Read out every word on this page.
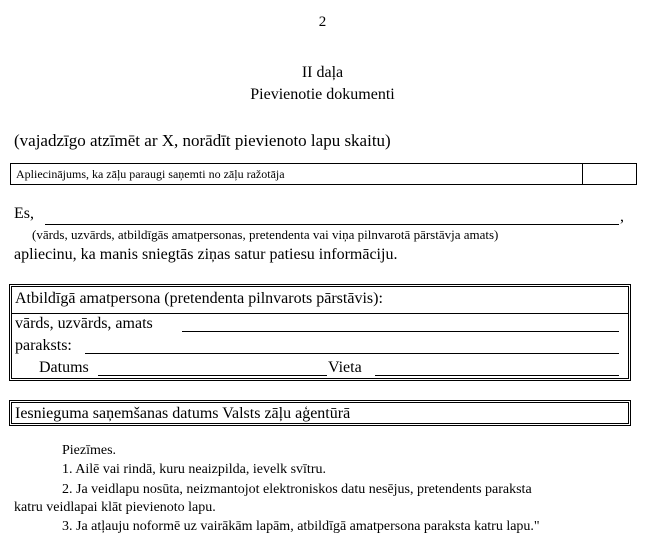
2
II daļa
Pievienotie dokumenti
(vajadzīgo atzīmēt ar X, norādīt pievienoto lapu skaitu)
Apliecinājums, ka zāļu paraugi saņemti no zāļu ražotāja
Es,	,
(vārds, uzvārds, atbildīgās amatpersonas, pretendenta vai viņa pilnvarotā pārstāvja amats)
apliecinu, ka manis sniegtās ziņas satur patiesu informāciju.
Atbildīgā amatpersona (pretendenta pilnvarots pārstāvis):
vārds, uzvārds, amats
paraksts:
Datums	Vieta
Iesnieguma saņemšanas datums Valsts zāļu aģentūrā
Piezīmes.
1. Ailē vai rindā, kuru neaizpilda, ievelk svītru.
2. Ja veidlapu nosūta, neizmantojot elektroniskos datu nesējus, pretendents paraksta
katru veidlapai klāt pievienoto lapu.
3. Ja atļauju noformē uz vairākām lapām, atbildīgā amatpersona paraksta katru lapu."
